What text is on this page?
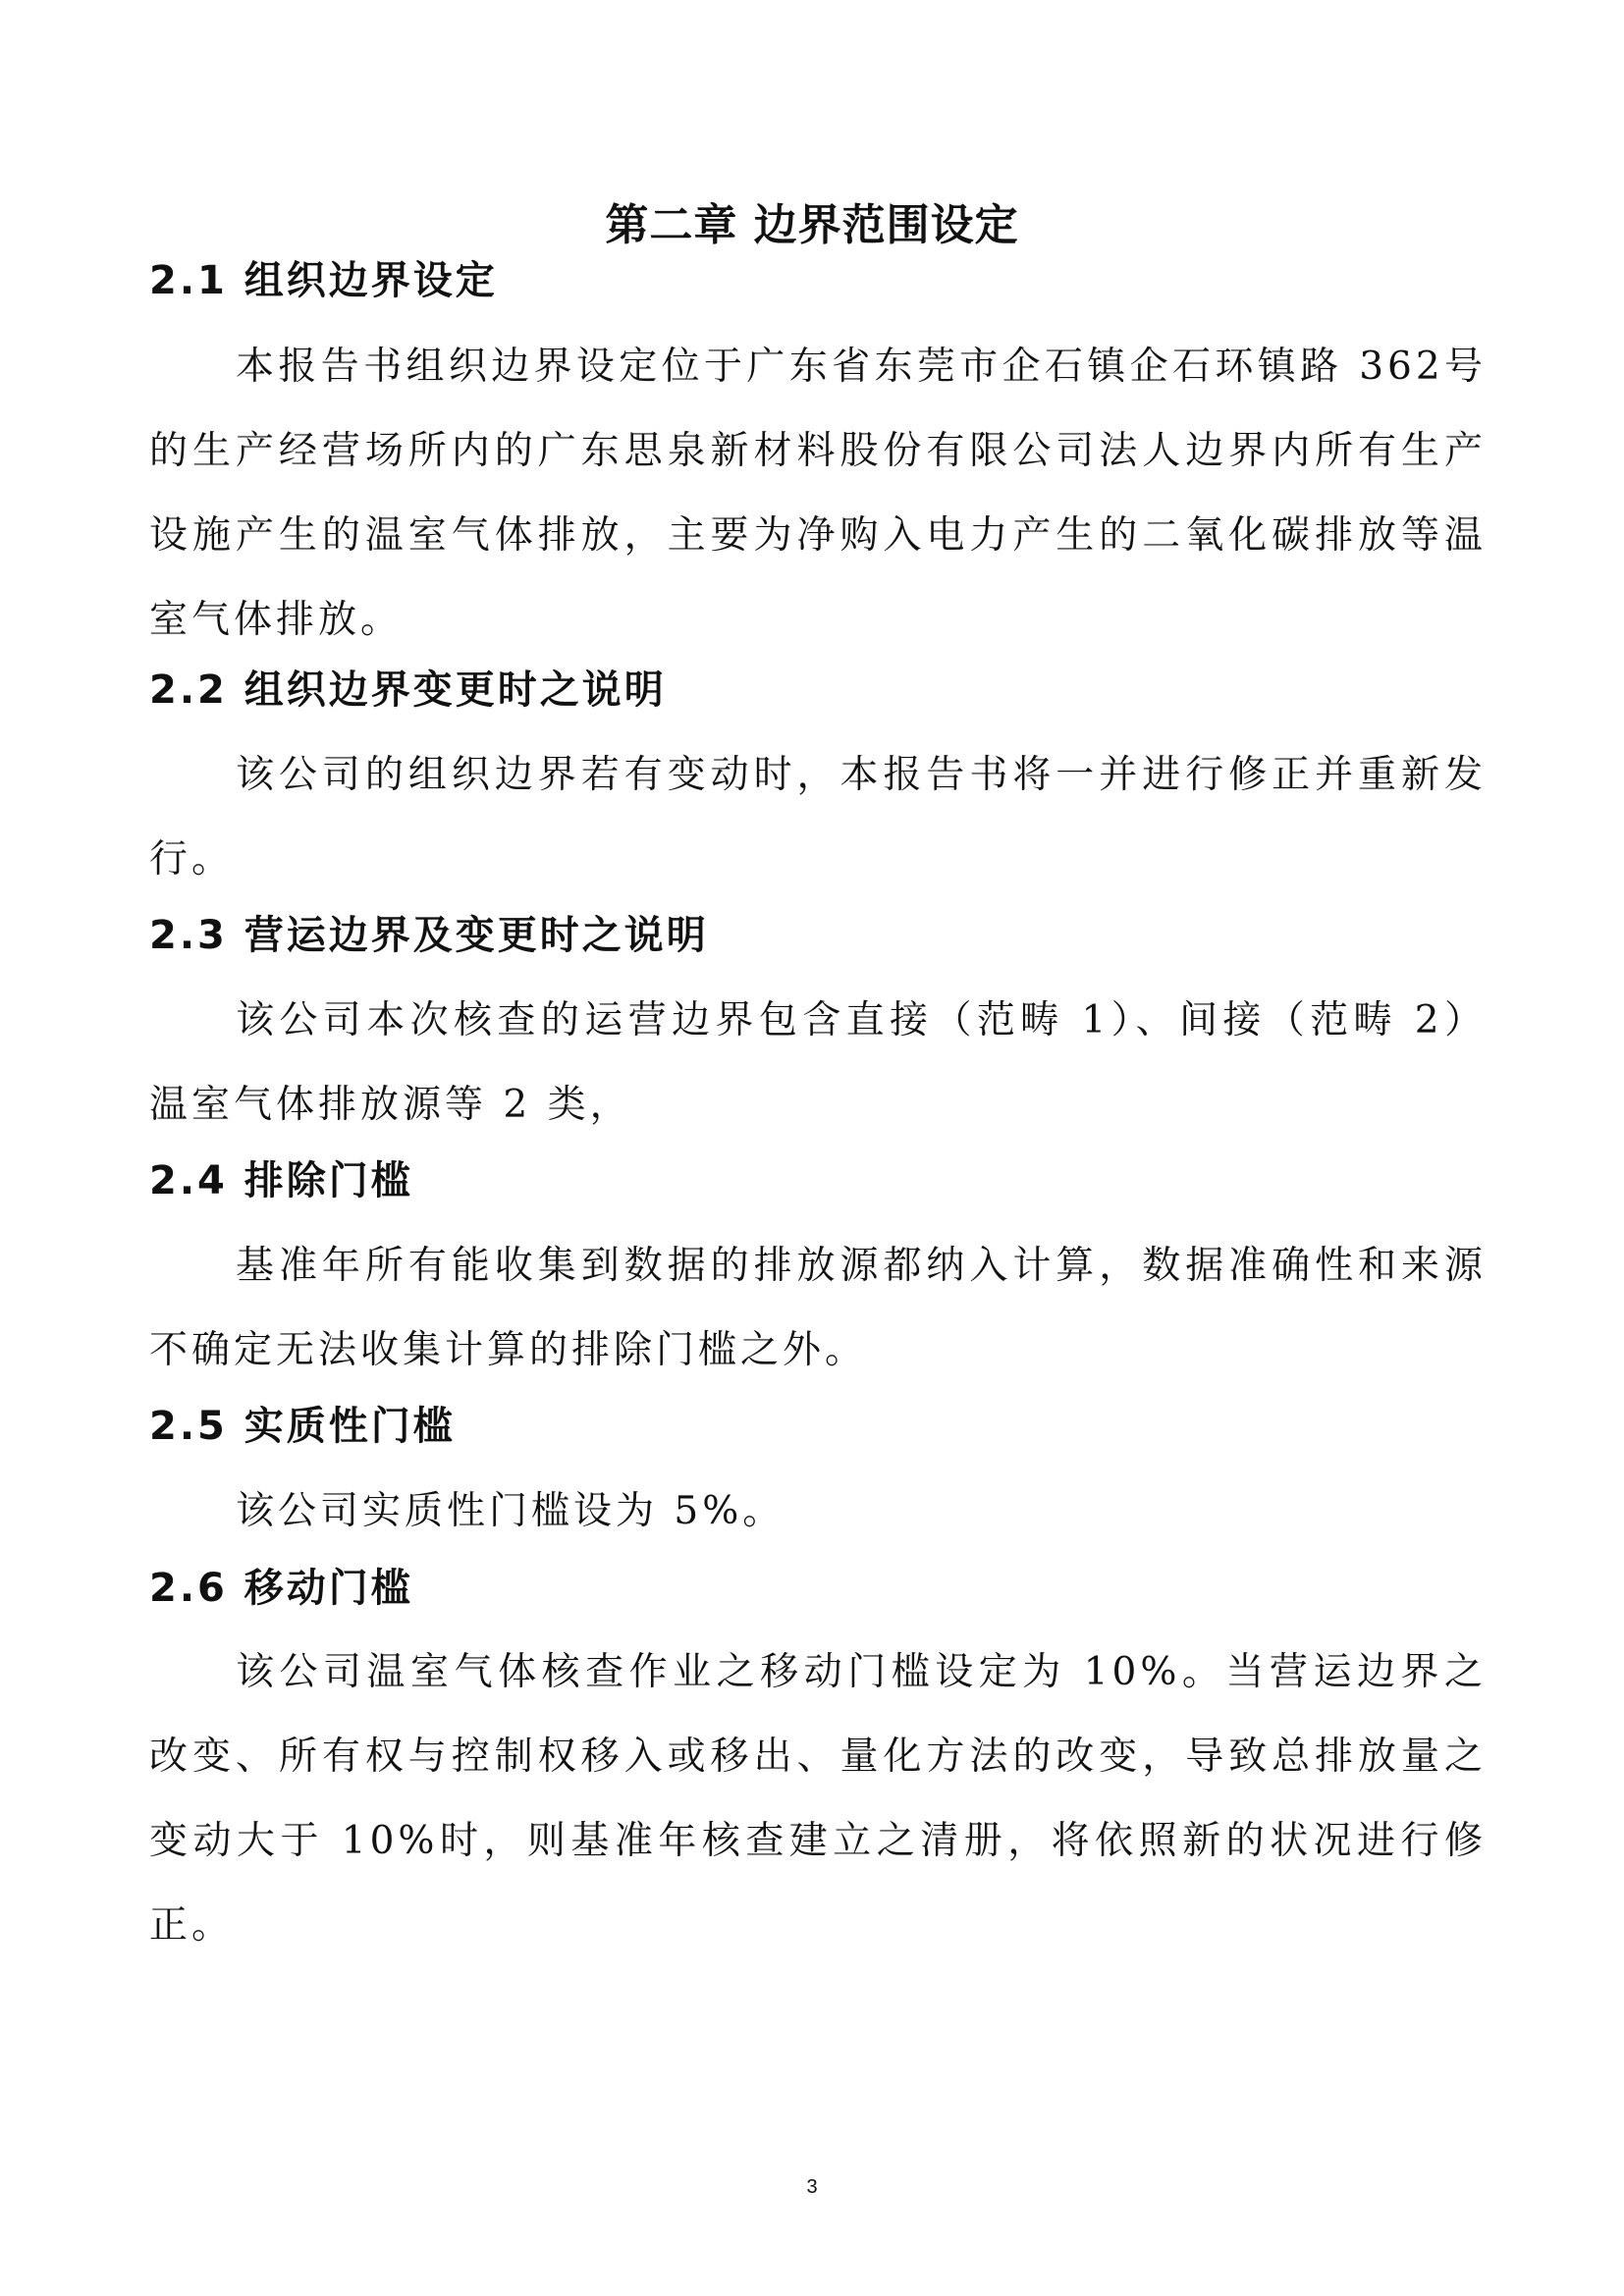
第二章 边界范围设定
2.1 组织边界设定

本报告书组织边界设定位于广东省东莞市企石镇企石环镇路 362号的生产经营场所内的广东思泉新材料股份有限公司法人边界内所有生产设施产生的温室气体排放，主要为净购入电力产生的二氧化碳排放等温室气体排放。

2.2 组织边界变更时之说明

该公司的组织边界若有变动时，本报告书将一并进行修正并重新发行。

2.3 营运边界及变更时之说明

该公司本次核查的运营边界包含直接（范畴 1）、间接（范畴 2）温室气体排放源等 2 类，

2.4 排除门槛

基准年所有能收集到数据的排放源都纳入计算，数据准确性和来源不确定无法收集计算的排除门槛之外。

2.5 实质性门槛

该公司实质性门槛设为 5%。

2.6 移动门槛

该公司温室气体核查作业之移动门槛设定为 10%。当营运边界之改变、所有权与控制权移入或移出、量化方法的改变，导致总排放量之变动大于 10%时，则基准年核查建立之清册，将依照新的状况进行修正。

3
